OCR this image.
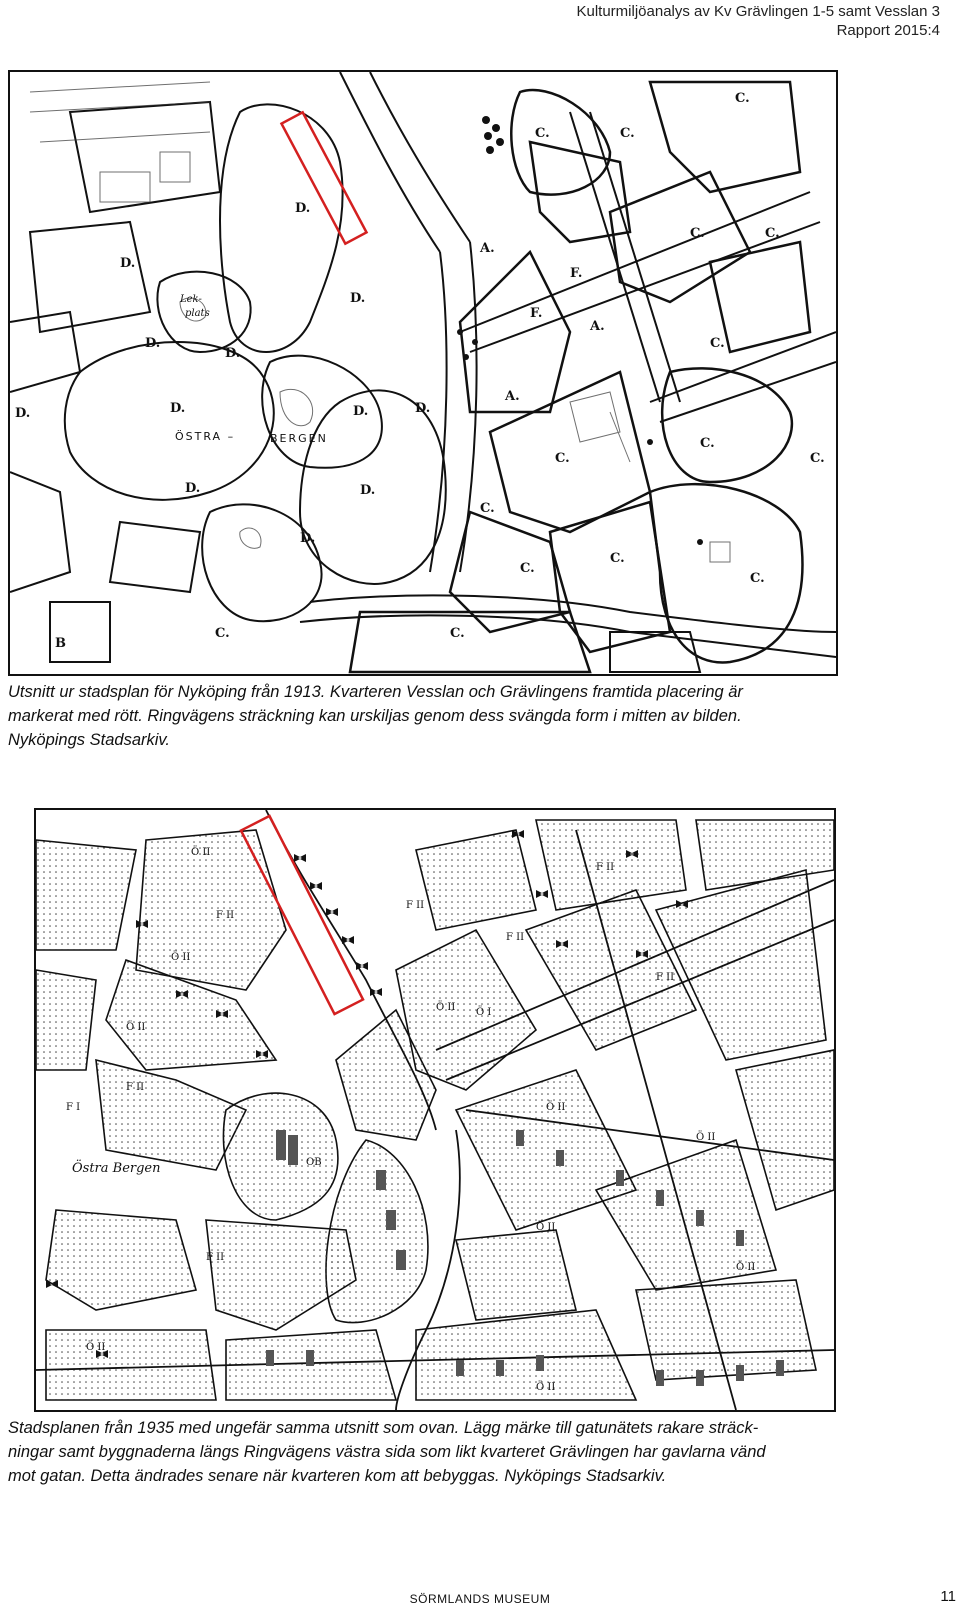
Kulturmiljöanalys av Kv Grävlingen 1-5 samt Vesslan 3
Rapport 2015:4
D.
D.
D.
D.
D.
D.	D.	D.
D.	D.
D.
D.
C.
C.	C.
C.	C.
C.
C.
C.
C.
C.
C.
C.
C.
C.
C.
A.
A.
A.
F.
F.
B
ÖSTRA –	BERGEN
Lek-
plats
Utsnitt ur stadsplan för Nyköping från 1913. Kvarteren Vesslan och Grävlingens framtida placering är
markerat med rött. Ringvägens sträckning kan urskiljas genom dess svängda form i mitten av bilden.
Nyköpings Stadsarkiv.
Östra Bergen	OB
F II
F II
F II
F II
F II
F II
F II
Ö II
Ö II
Ö II
Ö II Ö I
Ö II
Ö II
Ö II
Ö II
Ö II
Ö II
F I
Stadsplanen från 1935 med ungefär samma utsnitt som ovan. Lägg märke till gatunätets rakare sträck-
ningar samt byggnaderna längs Ringvägens västra sida som likt kvarteret Grävlingen har gavlarna vänd
mot gatan. Detta ändrades senare när kvarteren kom att bebyggas. Nyköpings Stadsarkiv.
SÖRMLANDS MUSEUM	11
